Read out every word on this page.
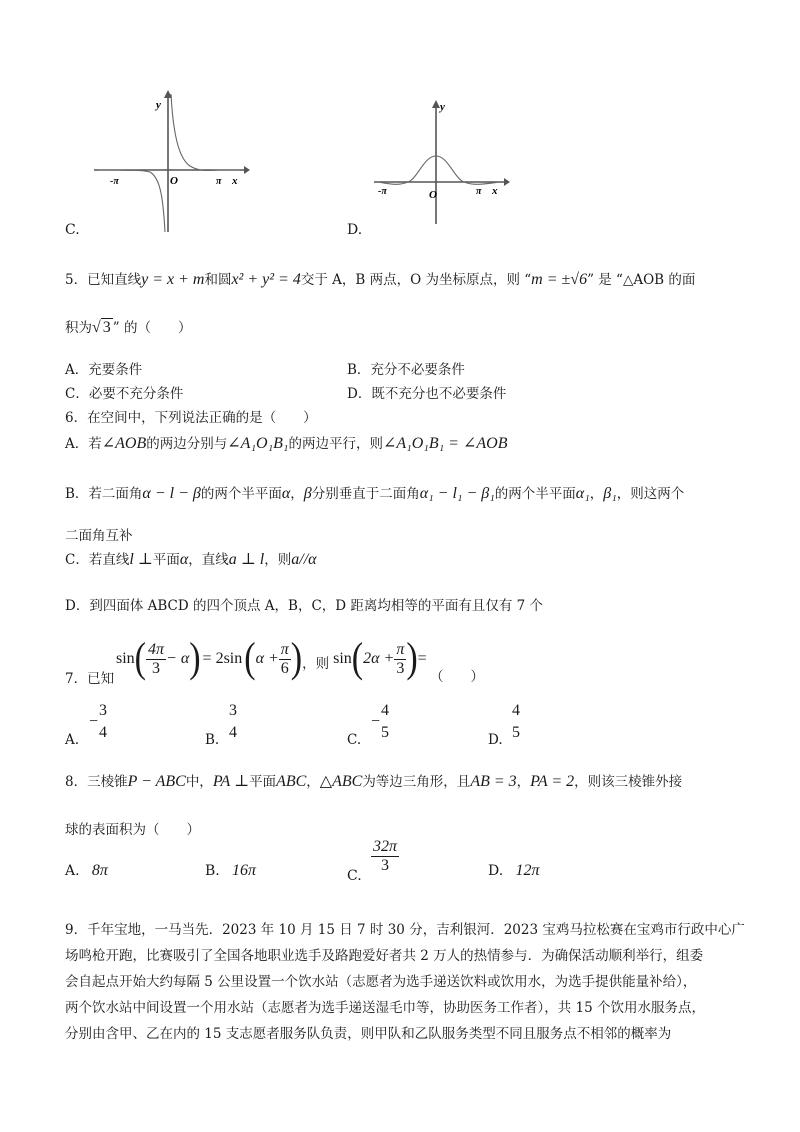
C.
y
O
-π	π x
D.
y
O
-π	π x
5．已知直线y = x + m和圆x² + y² = 4交于 A，B 两点，O 为坐标原点，则 “m = ±√6” 是 “△AOB 的面
积为√ 3 ” 的（　　）
A．充要条件	B．充分不必要条件
C．必要不充分条件	D．既不充分也不必要条件
6．在空间中，下列说法正确的是（　　）
A．若∠AOB的两边分别与∠A₁O₁B₁的两边平行，则∠A₁O₁B₁ = ∠AOB
B．若二面角α − l − β的两个半平面α，β分别垂直于二面角α₁ − l₁ − β₁的两个半平面α₁，β₁，则这两个
二面角互补
C．若直线l ⊥平面α，直线a ⊥ l，则a//α
D．到四面体 ABCD 的四个顶点 A，B，C，D 距离均相等的平面有且仅有 7 个
7．已知
sin ( $\frac{4\pi}{3} - \alpha$ ) = 2sin ( $\alpha + \frac{\pi}{6}$ ) ，则 sin ( $2\alpha + \frac{\pi}{3}$ ) =
（　　）
A.
−
3
4	B.
3
4	C.
−
4
5	D.
4
5
8．三棱锥P − ABC中，PA ⊥平面ABC，△ABC为等边三角形，且AB = 3，PA = 2，则该三棱锥外接
球的表面积为（　　）
A. 8π	B. 16π	C.
$\frac{32\pi}{3}$	D. 12π
9．千年宝地，一马当先．2023 年 10 月 15 日 7 时 30 分，吉利银河．2023 宝鸡马拉松赛在宝鸡市行政中心广
场鸣枪开跑，比赛吸引了全国各地职业选手及路跑爱好者共 2 万人的热情参与．为确保活动顺利举行，组委
会自起点开始大约每隔 5 公里设置一个饮水站（志愿者为选手递送饮料或饮用水，为选手提供能量补给），
两个饮水站中间设置一个用水站（志愿者为选手递送湿毛巾等，协助医务工作者），共 15 个饮用水服务点，
分别由含甲、乙在内的 15 支志愿者服务队负责，则甲队和乙队服务类型不同且服务点不相邻的概率为
